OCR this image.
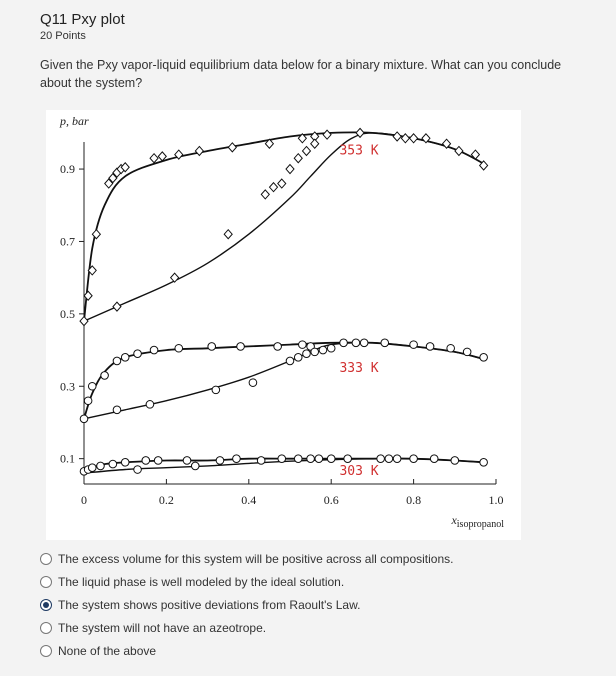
Q11 Pxy plot
20 Points
Given the Pxy vapor-liquid equilibrium data below for a binary mixture. What can you conclude about the system?
0.1
0.3
0.5
0.7
0.9
0	0.2	0.4	0.6	0.8	1.0
p, bar
$x_{isopropanol}$
353 K
333 K
303 K
The excess volume for this system will be positive across all compositions.
The liquid phase is well modeled by the ideal solution.
The system shows positive deviations from Raoult's Law.
The system will not have an azeotrope.
None of the above
